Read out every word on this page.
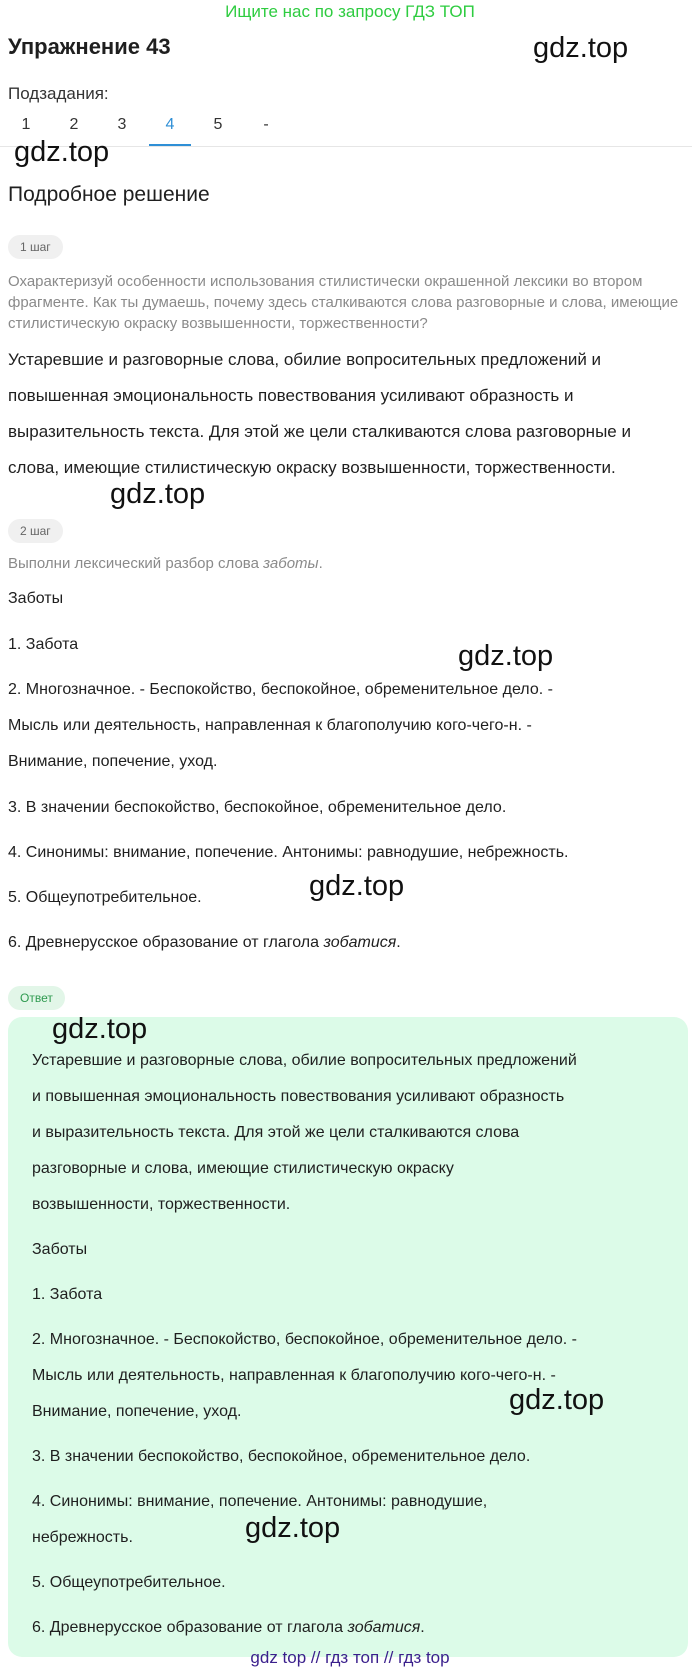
Ищите нас по запросу ГДЗ ТОП
Упражнение 43	gdz.top
Подзадания:
1	2	3	4	5	-
gdz.top
Подробное решение
1 шаг
Охарактеризуй особенности использования стилистически окрашенной лексики во втором фрагменте. Как ты думаешь, почему здесь сталкиваются слова разговорные и слова, имеющие стилистическую окраску возвышенности, торжественности?
Устаревшие и разговорные слова, обилие вопросительных предложений и
повышенная эмоциональность повествования усиливают образность и
выразительность текста. Для этой же цели сталкиваются слова разговорные и
слова, имеющие стилистическую окраску возвышенности, торжественности.
gdz.top
2 шаг
Выполни лексический разбор слова заботы.
Заботы
1. Забота	gdz.top
2. Многозначное. - Беспокойство, беспокойное, обременительное дело. -
Мысль или деятельность, направленная к благополучию кого-чего-н. -
Внимание, попечение, уход.
3. В значении беспокойство, беспокойное, обременительное дело.
4. Синонимы: внимание, попечение. Антонимы: равнодушие, небрежность.
gdz.top
5. Общеупотребительное.
6. Древнерусское образование от глагола зобатися.
Ответ
gdz.top
Устаревшие и разговорные слова, обилие вопросительных предложений
и повышенная эмоциональность повествования усиливают образность
и выразительность текста. Для этой же цели сталкиваются слова
разговорные и слова, имеющие стилистическую окраску
возвышенности, торжественности.
Заботы
1. Забота
2. Многозначное. - Беспокойство, беспокойное, обременительное дело. -
Мысль или деятельность, направленная к благополучию кого-чего-н. -
gdz.top
Внимание, попечение, уход.
3. В значении беспокойство, беспокойное, обременительное дело.
4. Синонимы: внимание, попечение. Антонимы: равнодушие,
gdz.top
небрежность.
5. Общеупотребительное.
6. Древнерусское образование от глагола зобатися.
gdz top // гдз топ // гдз top
